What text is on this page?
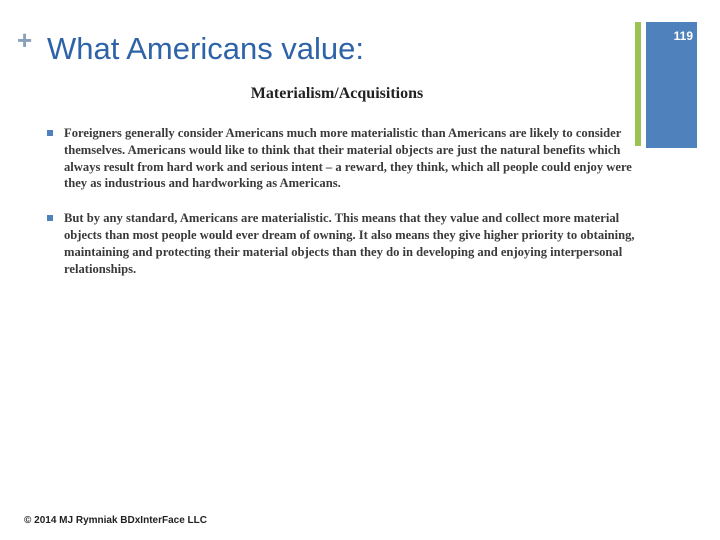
+ What Americans value:	119
Materialism/Acquisitions
Foreigners generally consider Americans much more materialistic than Americans are likely to consider themselves. Americans would like to think that their material objects are just the natural benefits which always result from hard work and serious intent – a reward, they think, which all people could enjoy were they as industrious and hardworking as Americans.
But by any standard, Americans are materialistic. This means that they value and collect more material objects than most people would ever dream of owning. It also means they give higher priority to obtaining, maintaining and protecting their material objects than they do in developing and enjoying interpersonal relationships.

© 2014 MJ Rymniak BDxInterFace LLC
